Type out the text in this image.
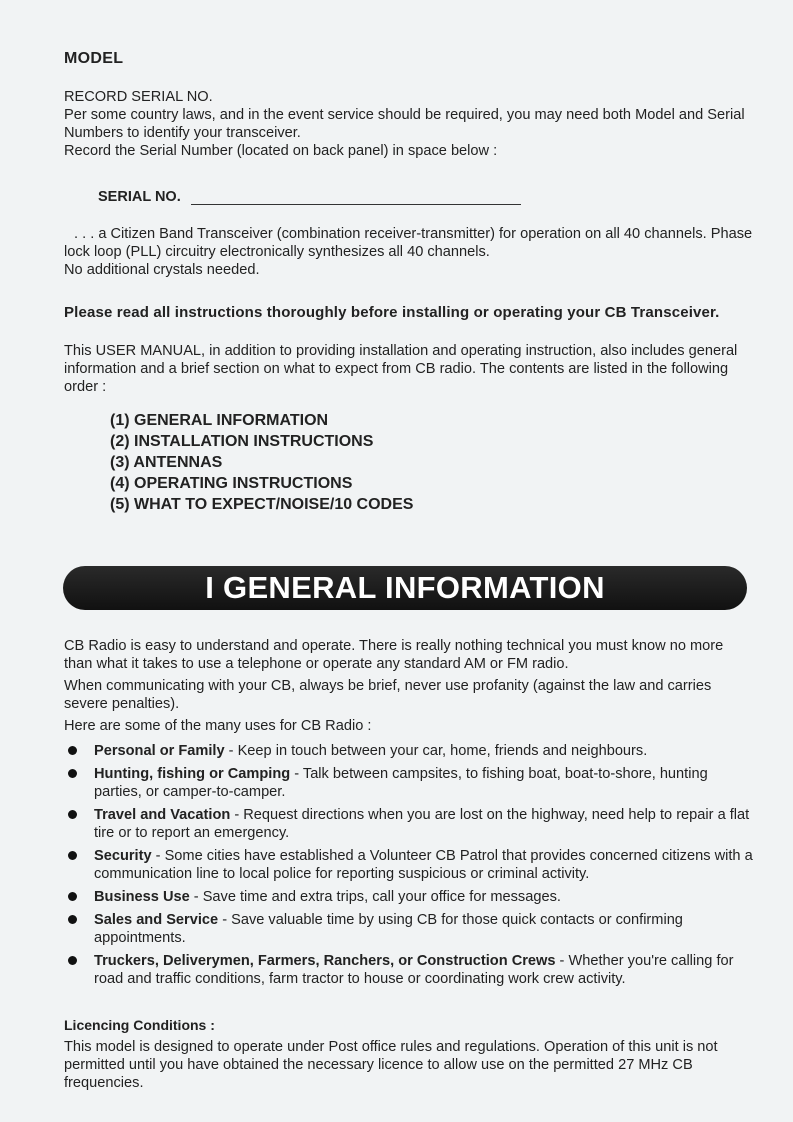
MODEL

RECORD SERIAL NO.

Per some country laws, and in the event service should be required, you may need both Model and Serial Numbers to identify your transceiver.

Record the Serial Number (located on back panel) in space below :

SERIAL NO.

. . . a Citizen Band Transceiver (combination receiver-transmitter) for operation on all 40 channels. Phase lock loop (PLL) circuitry electronically synthesizes all 40 channels.

No additional crystals needed.

Please read all instructions thoroughly before installing or operating your CB Transceiver.

This USER MANUAL, in addition to providing installation and operating instruction, also includes general information and a brief section on what to expect from CB radio. The contents are listed in the following order :

(1) GENERAL INFORMATION
(2) INSTALLATION INSTRUCTIONS
(3) ANTENNAS
(4) OPERATING INSTRUCTIONS
(5) WHAT TO EXPECT/NOISE/10 CODES
I GENERAL INFORMATION

CB Radio is easy to understand and operate. There is really nothing technical you must know no more than what it takes to use a telephone or operate any standard AM or FM radio.

When communicating with your CB, always be brief, never use profanity (against the law and carries severe penalties).

Here are some of the many uses for CB Radio :

Personal or Family - Keep in touch between your car, home, friends and neighbours.
Hunting, fishing or Camping - Talk between campsites, to fishing boat, boat-to-shore, hunting parties, or camper-to-camper.
Travel and Vacation - Request directions when you are lost on the highway, need help to repair a flat tire or to report an emergency.
Security - Some cities have established a Volunteer CB Patrol that provides concerned citizens with a communication line to local police for reporting suspicious or criminal activity.
Business Use - Save time and extra trips, call your office for messages.
Sales and Service - Save valuable time by using CB for those quick contacts or confirming appointments.
Truckers, Deliverymen, Farmers, Ranchers, or Construction Crews - Whether you're calling for road and traffic conditions, farm tractor to house or coordinating work crew activity.
Licencing Conditions :

This model is designed to operate under Post office rules and regulations. Operation of this unit is not permitted until you have obtained the necessary licence to allow use on the permitted 27 MHz CB frequencies.
